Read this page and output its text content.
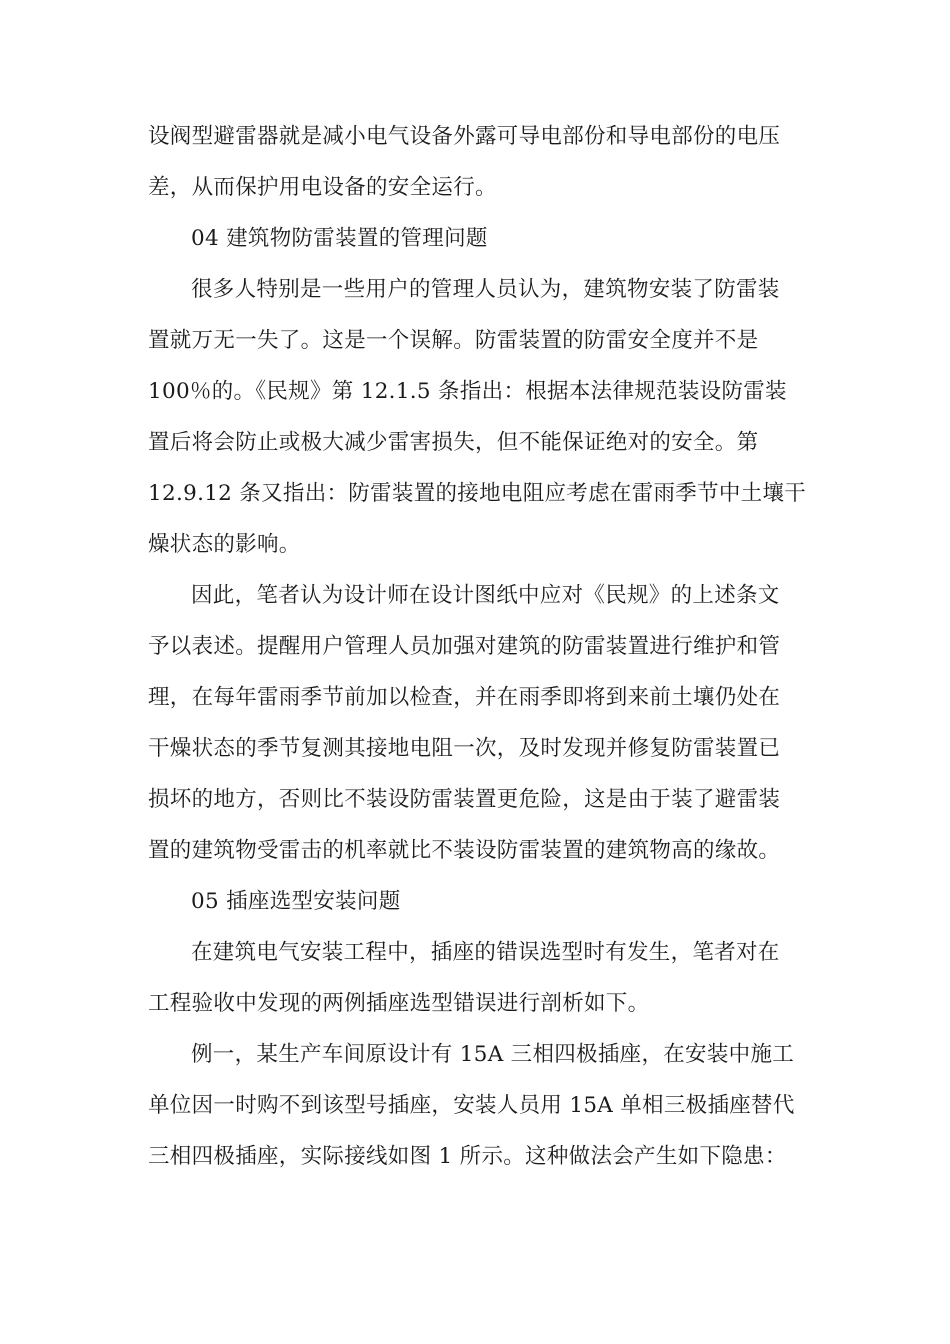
设阀型避雷器就是减小电气设备外露可导电部份和导电部份的电压
差，从而保护用电设备的安全运行。
04 建筑物防雷装置的管理问题
很多人特别是一些用户的管理人员认为，建筑物安装了防雷装
置就万无一失了。这是一个误解。防雷装置的防雷安全度并不是
100％的。《民规》第 12.1.5 条指出：根据本法律规范装设防雷装
置后将会防止或极大减少雷害损失，但不能保证绝对的安全。第
12.9.12 条又指出：防雷装置的接地电阻应考虑在雷雨季节中土壤干
燥状态的影响。
因此，笔者认为设计师在设计图纸中应对《民规》的上述条文
予以表述。提醒用户管理人员加强对建筑的防雷装置进行维护和管
理，在每年雷雨季节前加以检查，并在雨季即将到来前土壤仍处在
干燥状态的季节复测其接地电阻一次，及时发现并修复防雷装置已
损坏的地方，否则比不装设防雷装置更危险，这是由于装了避雷装
置的建筑物受雷击的机率就比不装设防雷装置的建筑物高的缘故。
05 插座选型安装问题
在建筑电气安装工程中，插座的错误选型时有发生，笔者对在
工程验收中发现的两例插座选型错误进行剖析如下。
例一，某生产车间原设计有 15A 三相四极插座，在安装中施工
单位因一时购不到该型号插座，安装人员用 15A 单相三极插座替代
三相四极插座，实际接线如图 1 所示。这种做法会产生如下隐患：
